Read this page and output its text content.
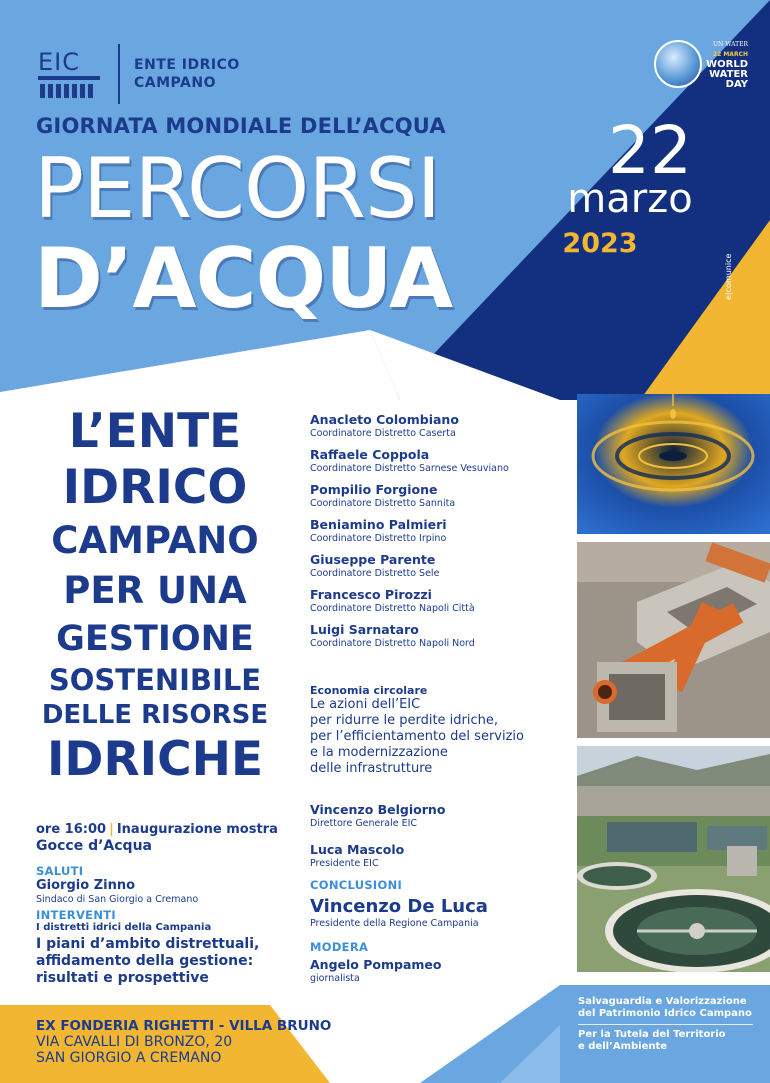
EIC	ENTE IDRICO
CAMPANO
UN WATER
22 MARCH
WORLD
WATER
DAY
GIORNATA MONDIALE DELL’ACQUA
PERCORSI
D’ACQUA
22
marzo
2023
e|comunice
L’ENTE
IDRICO
CAMPANO
PER UNA
GESTIONE
SOSTENIBILE
DELLE RISORSE
IDRICHE
ore 16:00 | Inaugurazione mostra
Gocce d’Acqua
SALUTI
Giorgio Zinno
Sindaco di San Giorgio a Cremano
INTERVENTI
I distretti idrici della Campania
I piani d’ambito distrettuali,
affidamento della gestione:
risultati e prospettive
Anacleto Colombiano
Coordinatore Distretto Caserta
Raffaele Coppola
Coordinatore Distretto Sarnese Vesuviano
Pompilio Forgione
Coordinatore Distretto Sannita
Beniamino Palmieri
Coordinatore Distretto Irpino
Giuseppe Parente
Coordinatore Distretto Sele
Francesco Pirozzi
Coordinatore Distretto Napoli Città
Luigi Sarnataro
Coordinatore Distretto Napoli Nord
Economia circolare
Le azioni dell’EIC
per ridurre le perdite idriche,
per l’efficientamento del servizio
e la modernizzazione
delle infrastrutture
Vincenzo Belgiorno
Direttore Generale EIC
Luca Mascolo
Presidente EIC
CONCLUSIONI
Vincenzo De Luca
Presidente della Regione Campania
MODERA
Angelo Pompameo
giornalista
EX FONDERIA RIGHETTI - VILLA BRUNO
VIA CAVALLI DI BRONZO, 20
SAN GIORGIO A CREMANO
Salvaguardia e Valorizzazione
del Patrimonio Idrico Campano
Per la Tutela del Territorio
e dell’Ambiente
